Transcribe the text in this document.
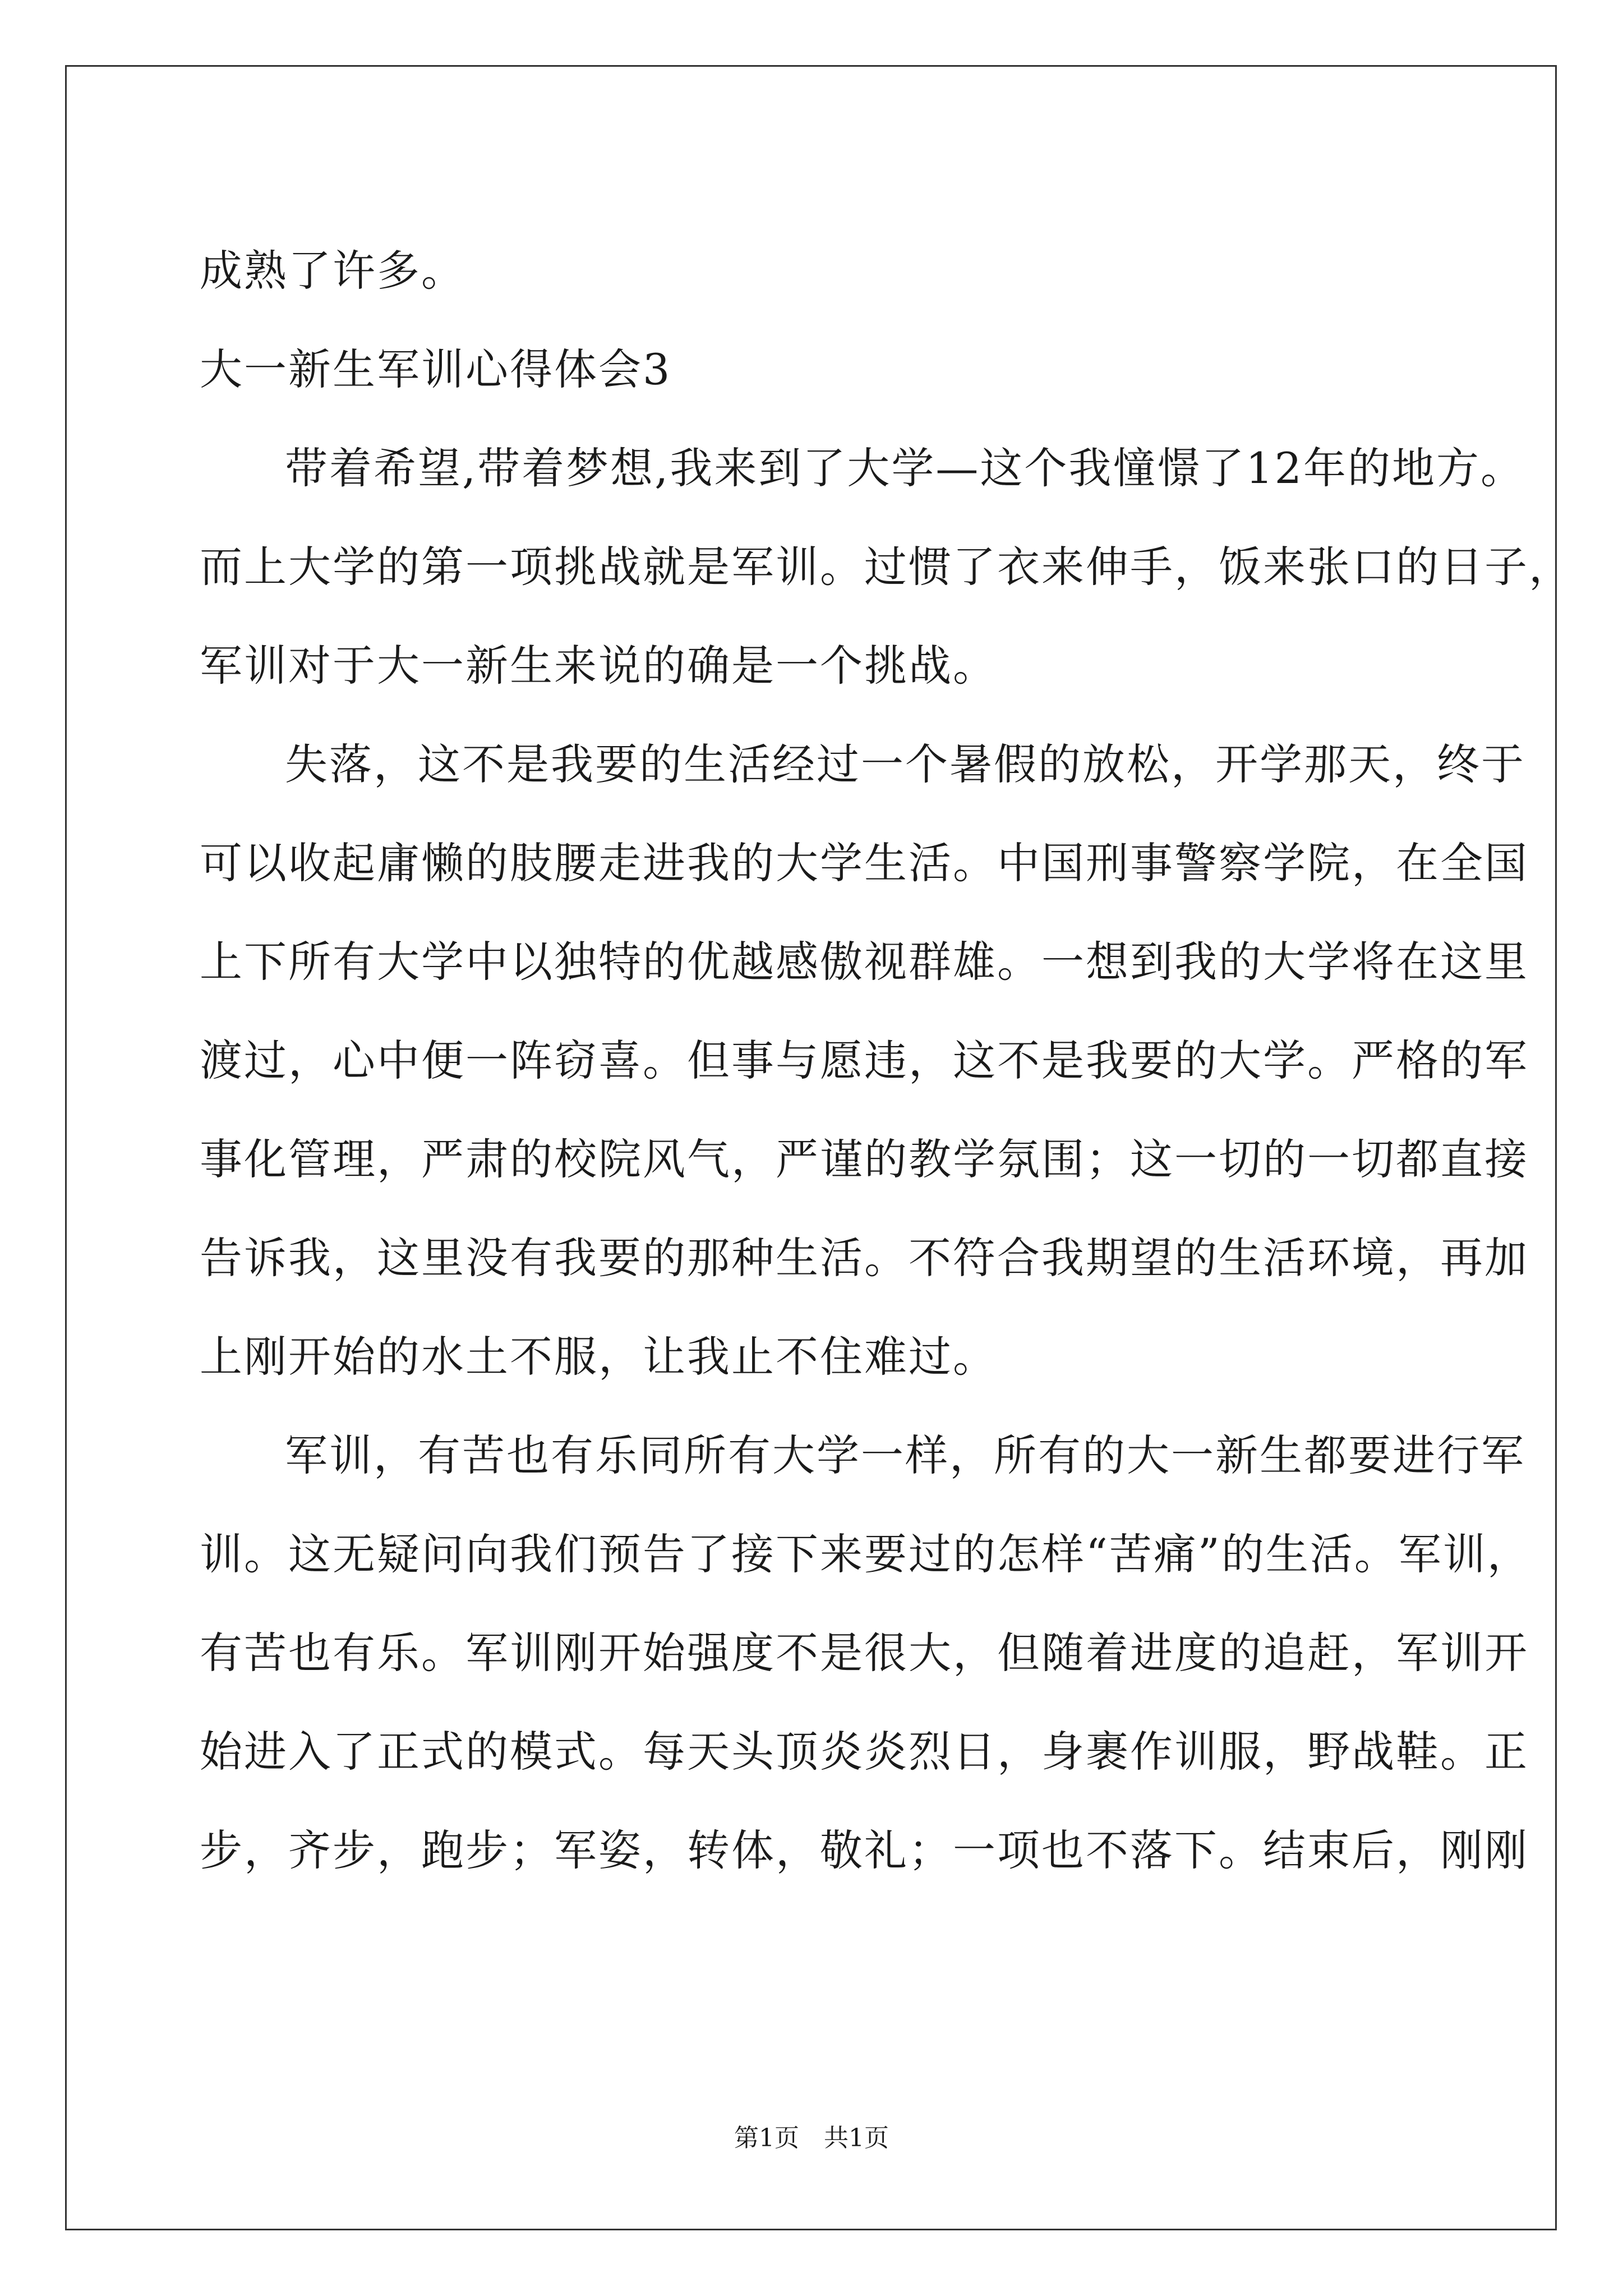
成熟了许多。
大一新生军训心得体会3
带着希望,带着梦想,我来到了大学—这个我憧憬了12年的地方。
而上大学的第一项挑战就是军训。过惯了衣来伸手，饭来张口的日子，
军训对于大一新生来说的确是一个挑战。
失落，这不是我要的生活经过一个暑假的放松，开学那天，终于
可以收起庸懒的肢腰走进我的大学生活。中国刑事警察学院，在全国
上下所有大学中以独特的优越感傲视群雄。一想到我的大学将在这里
渡过，心中便一阵窃喜。但事与愿违，这不是我要的大学。严格的军
事化管理，严肃的校院风气，严谨的教学氛围；这一切的一切都直接
告诉我，这里没有我要的那种生活。不符合我期望的生活环境，再加
上刚开始的水土不服，让我止不住难过。
军训，有苦也有乐同所有大学一样，所有的大一新生都要进行军
训。这无疑问向我们预告了接下来要过的怎样“苦痛”的生活。军训，
有苦也有乐。军训刚开始强度不是很大，但随着进度的追赶，军训开
始进入了正式的模式。每天头顶炎炎烈日，身裹作训服，野战鞋。正
步，齐步，跑步；军姿，转体，敬礼；一项也不落下。结束后，刚刚
第1页　共1页
